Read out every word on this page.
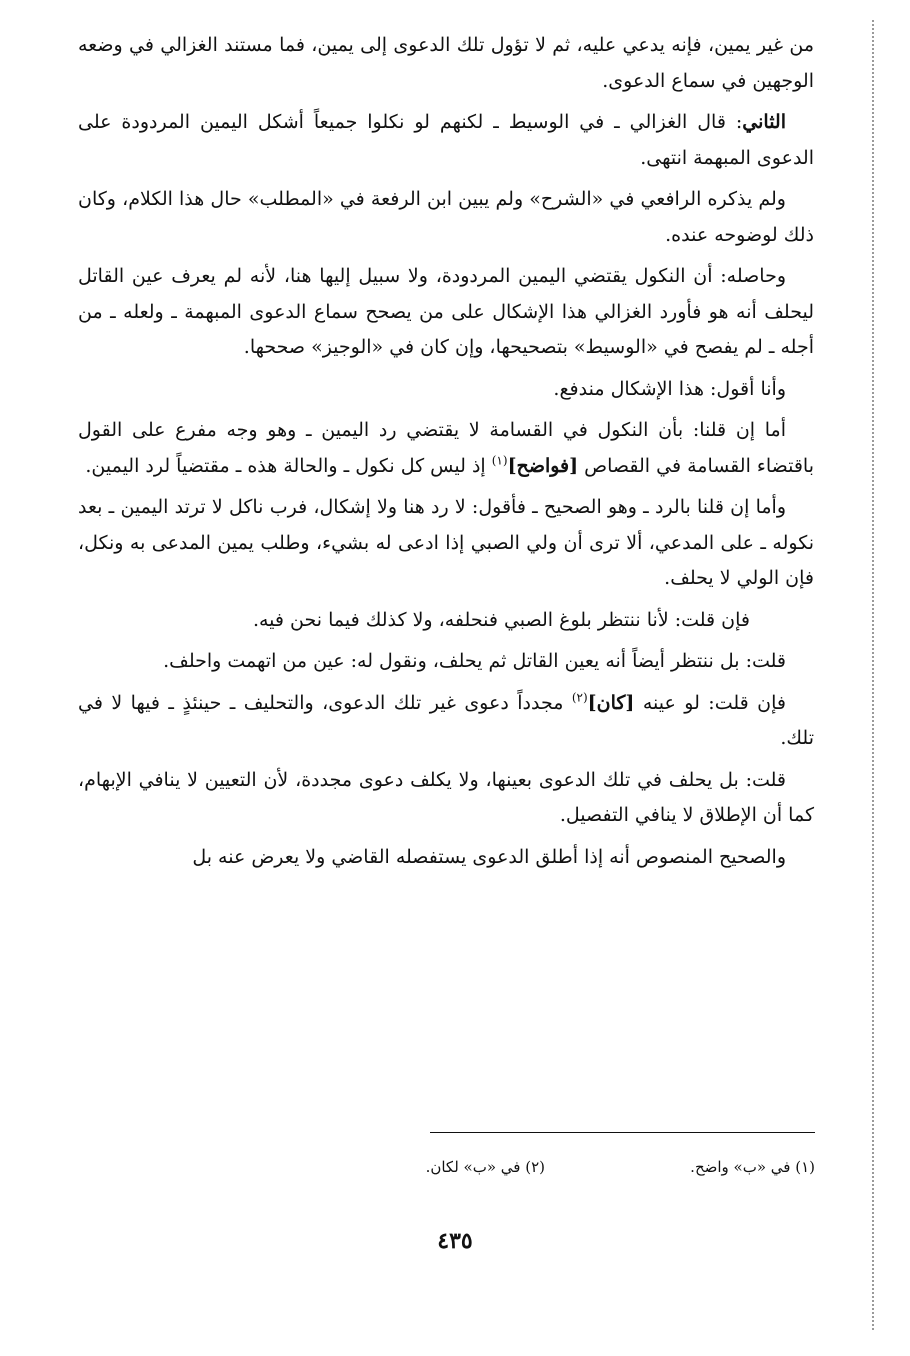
من غير يمين، فإنه يدعي عليه، ثم لا تؤول تلك الدعوى إلى يمين، فما مستند الغزالي في وضعه الوجهين في سماع الدعوى.

الثاني: قال الغزالي ـ في الوسيط ـ لكنهم لو نكلوا جميعاً أشكل اليمين المردودة على الدعوى المبهمة انتهى.

ولم يذكره الرافعي في «الشرح» ولم يبين ابن الرفعة في «المطلب» حال هذا الكلام، وكان ذلك لوضوحه عنده.

وحاصله: أن النكول يقتضي اليمين المردودة، ولا سبيل إليها هنا، لأنه لم يعرف عين القاتل ليحلف أنه هو فأورد الغزالي هذا الإشكال على من يصحح سماع الدعوى المبهمة ـ ولعله ـ من أجله ـ لم يفصح في «الوسيط» بتصحيحها، وإن كان في «الوجيز» صححها.

وأنا أقول: هذا الإشكال مندفع.

أما إن قلنا: بأن النكول في القسامة لا يقتضي رد اليمين ـ وهو وجه مفرع على القول باقتضاء القسامة في القصاص [فواضح]$^{(١)}$ إذ ليس كل نكول ـ والحالة هذه ـ مقتضياً لرد اليمين.

وأما إن قلنا بالرد ـ وهو الصحيح ـ فأقول: لا رد هنا ولا إشكال، فرب ناكل لا ترتد اليمين ـ بعد نكوله ـ على المدعي، ألا ترى أن ولي الصبي إذا ادعى له بشيء، وطلب يمين المدعى به ونكل، فإن الولي لا يحلف.

فإن قلت: لأنا ننتظر بلوغ الصبي فنحلفه، ولا كذلك فيما نحن فيه.

قلت: بل ننتظر أيضاً أنه يعين القاتل ثم يحلف، ونقول له: عين من اتهمت واحلف.

فإن قلت: لو عينه [كان]$^{(٢)}$ مجدداً دعوى غير تلك الدعوى، والتحليف ـ حينئذٍ ـ فيها لا في تلك.

قلت: بل يحلف في تلك الدعوى بعينها، ولا يكلف دعوى مجددة، لأن التعيين لا ينافي الإبهام، كما أن الإطلاق لا ينافي التفصيل.

والصحيح المنصوص أنه إذا أطلق الدعوى يستفصله القاضي ولا يعرض عنه بل

(١) في «ب» واضح.
(٢) في «ب» لكان.
٤٣٥
